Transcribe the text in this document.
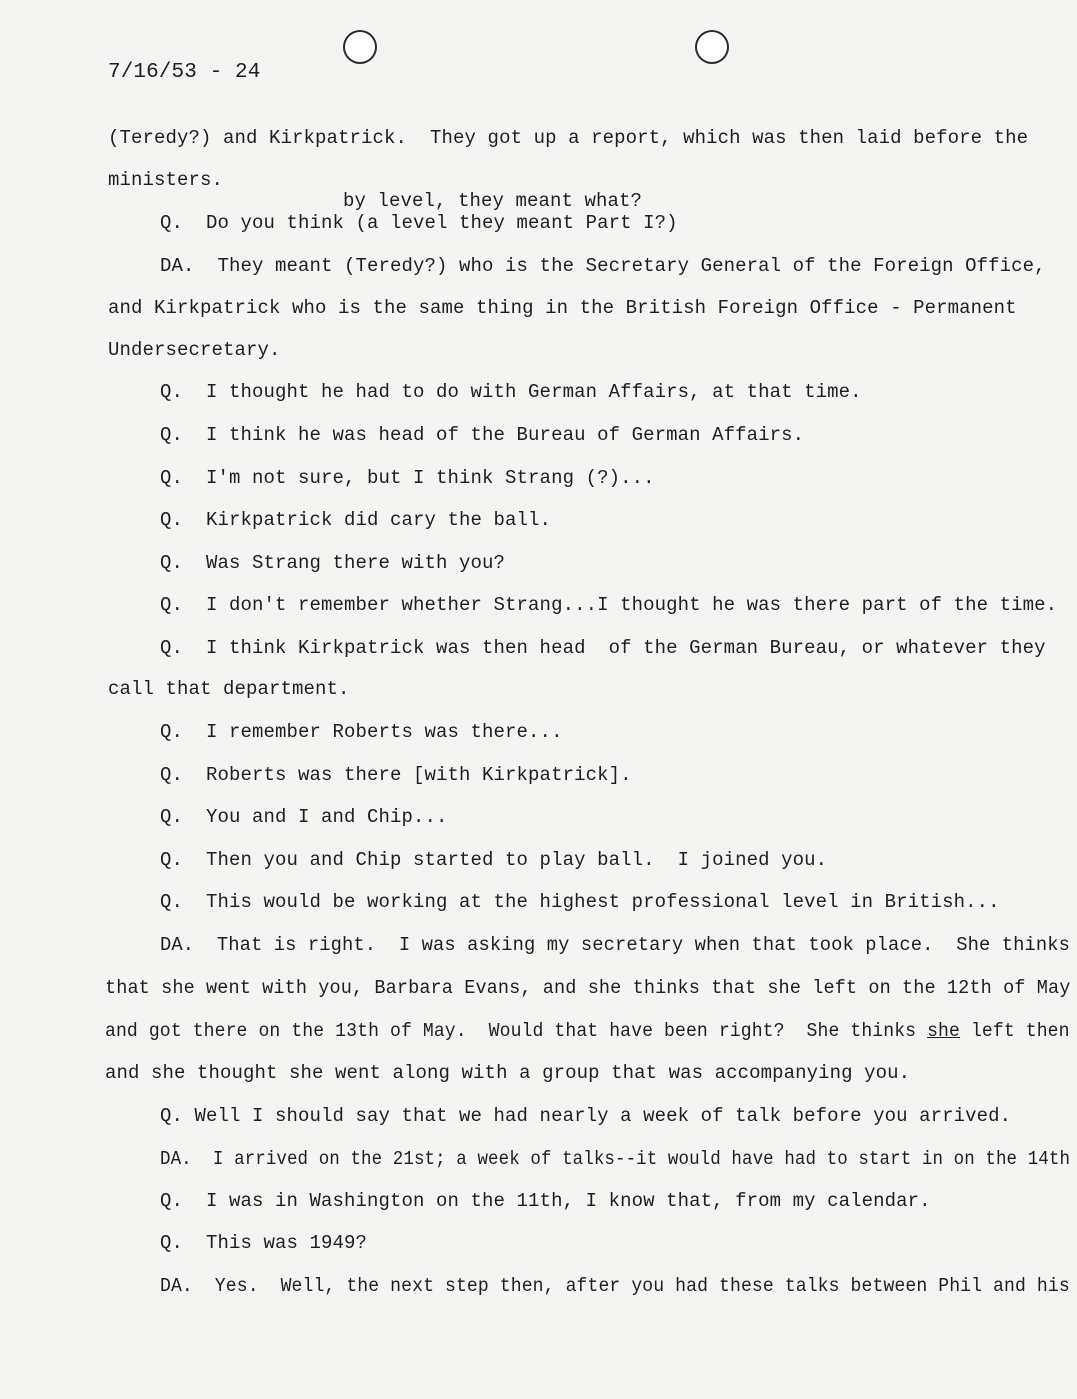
7/16/53 - 24
(Teredy?) and Kirkpatrick.  They got up a report, which was then laid before the
ministers.
by level, they meant what?
Q.  Do you think (a level they meant Part I?)
DA.  They meant (Teredy?) who is the Secretary General of the Foreign Office,
and Kirkpatrick who is the same thing in the British Foreign Office - Permanent
Undersecretary.
Q.  I thought he had to do with German Affairs, at that time.
Q.  I think he was head of the Bureau of German Affairs.
Q.  I'm not sure, but I think Strang (?)...
Q.  Kirkpatrick did cary the ball.
Q.  Was Strang there with you?
Q.  I don't remember whether Strang...I thought he was there part of the time.
Q.  I think Kirkpatrick was then head  of the German Bureau, or whatever they
call that department.
Q.  I remember Roberts was there...
Q.  Roberts was there [with Kirkpatrick].
Q.  You and I and Chip...
Q.  Then you and Chip started to play ball.  I joined you.
Q.  This would be working at the highest professional level in British...
DA.  That is right.  I was asking my secretary when that took place.  She thinks
that she went with you, Barbara Evans, and she thinks that she left on the 12th of May
and got there on the 13th of May.  Would that have been right?  She thinks she left then
and she thought she went along with a group that was accompanying you.
Q. Well I should say that we had nearly a week of talk before you arrived.
DA.  I arrived on the 21st; a week of talks--it would have had to start in on the 14th
Q.  I was in Washington on the 11th, I know that, from my calendar.
Q.  This was 1949?
DA.  Yes.  Well, the next step then, after you had these talks between Phil and his
